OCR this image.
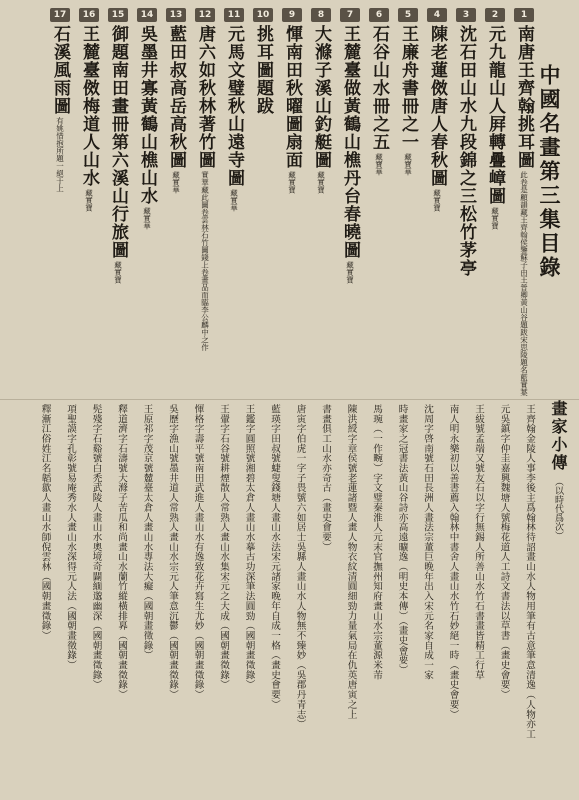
中國名畫第三集目錄
1
南唐王齊翰挑耳圖
此卷是顧韻藏王齊翰侯鑒蘇子由王晉卿黃山谷題跋宋思陵題名藍實葉
2
元九龍山人屛轉疊嶂圖
藏實寶
3
沈石田山水九段錦之三松竹茅亭
4
陳老蓮傚唐人春秋圖
藏實寶
5
王廉舟書冊之一
藏寶華
6
石谷山水冊之五
藏寶華
7
王麓臺做黃鶴山樵丹台春曉圖
藏實寶
8
大滌子溪山釣艇圖
藏實寶
9
惲南田秋曜圖扇面
藏實寶
10
挑耳圖題跋
11
元馬文璧秋山遠寺圖
藏實華
12
唐六如秋林著竹圖
實華藏此圖卷雲林石竹圖錢上卷畫品而臨李公麟中之作
13
藍田叔高岳高秋圖
藏實華
14
吳墨井寡黃鶴山樵山水
藏實華
15
御題南田畫冊第六溪山行旅圖
藏實寶
16
王麓臺傚梅道人山水
藏實寶
17
石溪風雨圖
有姚惜抱所題一絕于上
畫家小傳 （以時代爲次）
王齊翰金陵人事李後主爲翰林待詔畫山水人物用筆有古意筆意清逸（人物亦工
元吳鎮字仲圭嘉興魏塘人號梅花道人工詩文書法以草書（畫史會要）
王紱號孟端又號友石以字行無錫人所善山水竹石書畫皆精工行草
南人明永樂初以善書薦入翰林中書舍人畫山水竹石妙絕一時（畫史會要）
沈周字啓南號石田長洲人畫法宗董巨晚年出入宋元名家自成一家
時畫家之冠書法黃山谷詩亦高遠曠逸（明史本傳）（畫史會要）
馬琬（一作畹）字文璧秦淮人元末官撫州知府畫山水宗董源米芾
陳洪綬字章侯號老蓮諸暨人畫人物衣紋清圓細勁力量氣局在仇英唐寅之上
書畫俱工山水亦奇古（畫史會要）
唐寅字伯虎一字子畏號六如居士吳縣人畫山水人物無不臻妙（吳郡丹青志）
藍瑛字田叔號蜨叟錢塘人畫山水法宋元諸家晚年自成一格（畫史會要）
王鑑字圓照號湘碧太倉人畫山水摹古功深筆法圓勁（國朝畫徵錄）
王翬字石谷號耕煙散人常熟人畫山水集宋元之大成（國朝畫徵錄）
惲格字壽平號南田武進人畫山水有逸致花卉寫生尤妙（國朝畫徵錄）
吳歷字漁山號墨井道人常熟人畫山水宗元人筆意沉鬱（國朝畫徵錄）
王原祁字茂京號麓臺太倉人畫山水專法大癡（國朝畫徵錄）
釋道濟字石濤號大滌子苦瓜和尚畫山水蘭竹縱橫排奡（國朝畫徵錄）
髡殘字石谿號白禿武陵人畫山水奧境奇闢緬邈幽深（國朝畫徵錄）
項聖謨字孔彰號易庵秀水人畫山水深得元人法（國朝畫徵錄）
釋漸江俗姓江名韜歙人畫山水師倪雲林（國朝畫徵錄）
